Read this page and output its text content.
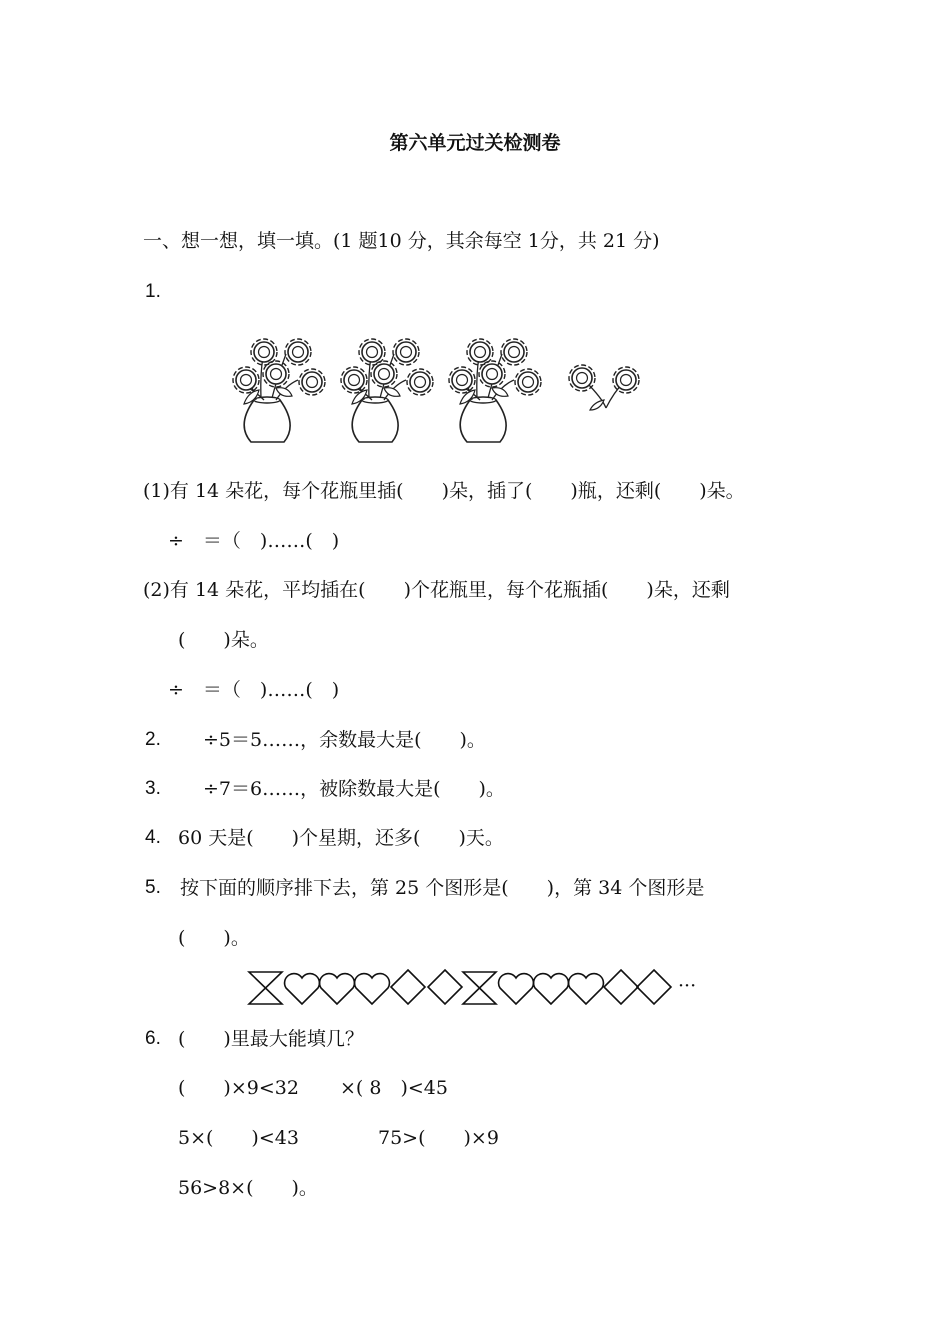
第六单元过关检测卷
一、想一想，填一填。(1 题10 分，其余每空 1分，共 21 分)
1.
(1)有 14 朵花，每个花瓶里插(　　)朵，插了(　　)瓶，还剩(　　)朵。
÷　＝（　)……(　)
(2)有 14 朵花，平均插在(　　)个花瓶里，每个花瓶插(　　)朵，还剩
(　　)朵。
÷　＝（　)……(　)
2. ÷5＝5……，余数最大是(　　)。
3. ÷7＝6……，被除数最大是(　　)。
4. 60 天是(　　)个星期，还多(　　)天。
5. 按下面的顺序排下去，第 25 个图形是(　　)，第 34 个图形是
(　　)。
···
6. (　　)里最大能填几？
(　　)×9<32 ×( 8　)<45
5×(　　)<43	75>(　　)×9
56>8×(　　)。
